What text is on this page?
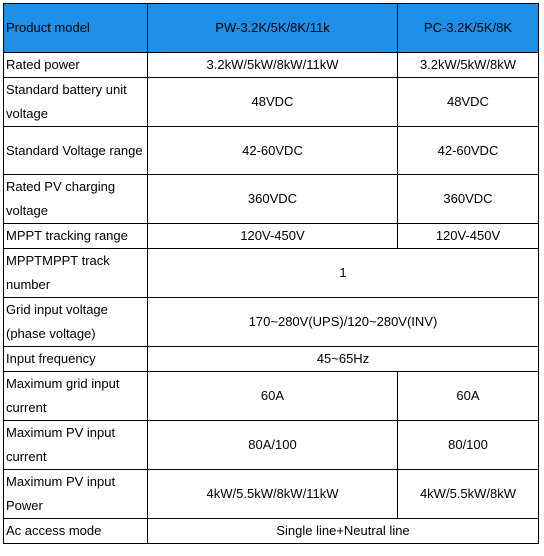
Product model	PW-3.2K/5K/8K/11k	PC-3.2K/5K/8K
Rated power	3.2kW/5kW/8kW/11kW	3.2kW/5kW/8kW
Standard battery unit voltage	48VDC	48VDC
Standard Voltage range	42-60VDC	42-60VDC
Rated PV charging voltage	360VDC	360VDC
MPPT tracking range	120V-450V	120V-450V
MPPTMPPT track number	1	
Grid input voltage (phase voltage)	170~280V(UPS)/120~280V(INV)	
Input frequency	45~65Hz	
Maximum grid input current	60A	60A
Maximum PV input current	80A/100	80/100
Maximum PV input Power	4kW/5.5kW/8kW/11kW	4kW/5.5kW/8kW
Ac access mode	Single line+Neutral line	
